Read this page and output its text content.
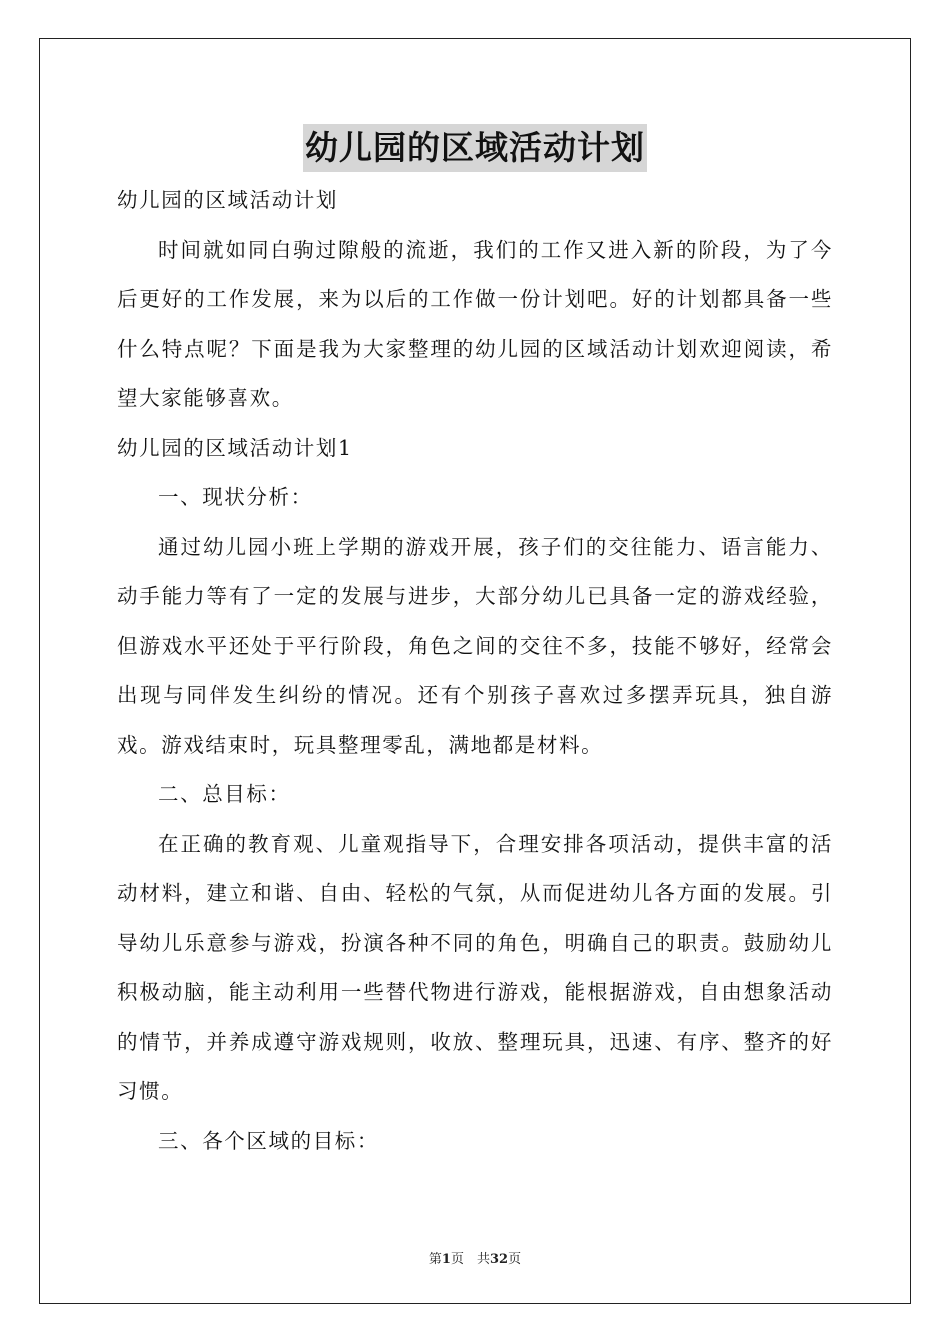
幼儿园的区域活动计划

幼儿园的区域活动计划

时间就如同白驹过隙般的流逝，我们的工作又进入新的阶段，为了今后更好的工作发展，来为以后的工作做一份计划吧。好的计划都具备一些什么特点呢？下面是我为大家整理的幼儿园的区域活动计划欢迎阅读，希望大家能够喜欢。

幼儿园的区域活动计划1

一、现状分析：

通过幼儿园小班上学期的游戏开展，孩子们的交往能力、语言能力、动手能力等有了一定的发展与进步，大部分幼儿已具备一定的游戏经验，但游戏水平还处于平行阶段，角色之间的交往不多，技能不够好，经常会出现与同伴发生纠纷的情况。还有个别孩子喜欢过多摆弄玩具，独自游戏。游戏结束时，玩具整理零乱，满地都是材料。

二、总目标：

在正确的教育观、儿童观指导下，合理安排各项活动，提供丰富的活动材料，建立和谐、自由、轻松的气氛，从而促进幼儿各方面的发展。引导幼儿乐意参与游戏，扮演各种不同的角色，明确自己的职责。鼓励幼儿积极动脑，能主动利用一些替代物进行游戏，能根据游戏，自由想象活动的情节，并养成遵守游戏规则，收放、整理玩具，迅速、有序、整齐的好习惯。

三、各个区域的目标：

第1页　共32页
